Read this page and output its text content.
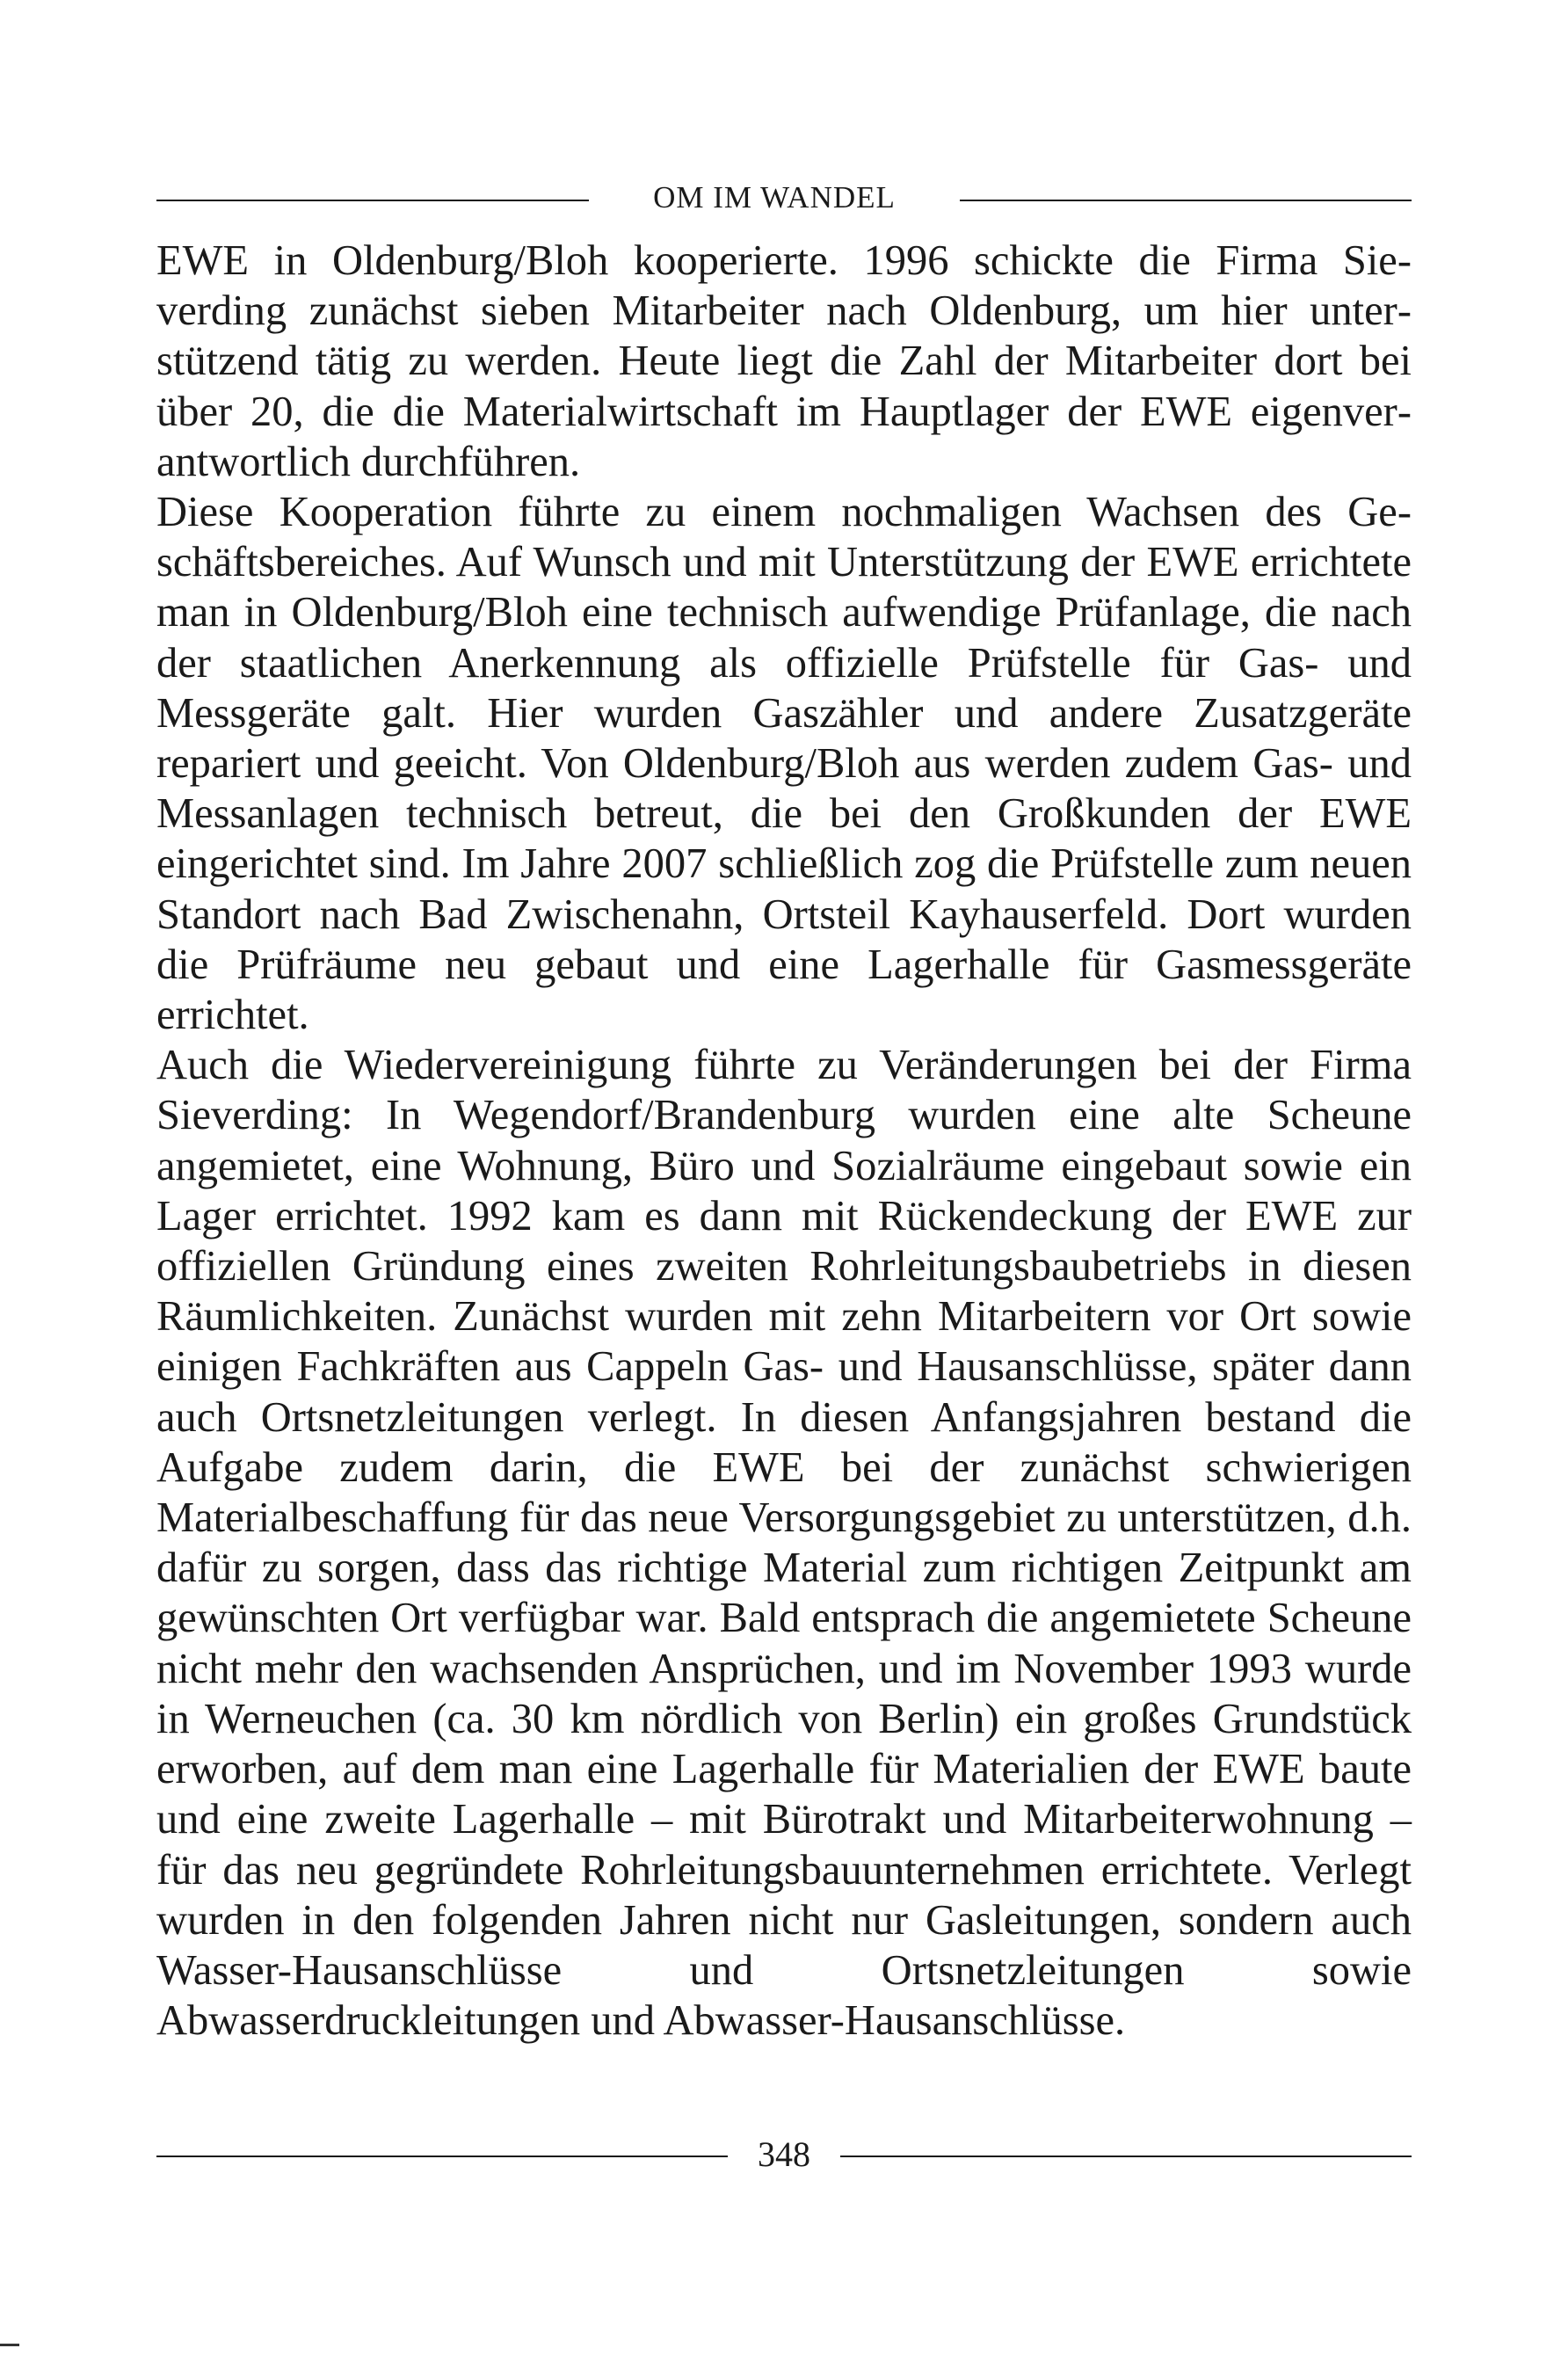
OM IM WANDEL

EWE in Oldenburg/Bloh kooperierte. 1996 schickte die Firma Sieverding zunächst sieben Mitarbeiter nach Oldenburg, um hier unterstützend tätig zu werden. Heute liegt die Zahl der Mitarbeiter dort bei über 20, die die Materialwirtschaft im Hauptlager der EWE eigenverantwortlich durchführen.

Diese Kooperation führte zu einem nochmaligen Wachsen des Geschäftsbereiches. Auf Wunsch und mit Unterstützung der EWE errichtete man in Oldenburg/Bloh eine technisch aufwendige Prüfanlage, die nach der staatlichen Anerkennung als offizielle Prüfstelle für Gas- und Messgeräte galt. Hier wurden Gaszähler und andere Zusatzgeräte repariert und geeicht. Von Oldenburg/Bloh aus werden zudem Gas- und Messanlagen technisch betreut, die bei den Großkunden der EWE eingerichtet sind. Im Jahre 2007 schließlich zog die Prüfstelle zum neuen Standort nach Bad Zwischenahn, Ortsteil Kayhauserfeld. Dort wurden die Prüfräume neu gebaut und eine Lagerhalle für Gasmessgeräte errichtet.

Auch die Wiedervereinigung führte zu Veränderungen bei der Firma Sieverding: In Wegendorf/Brandenburg wurden eine alte Scheune angemietet, eine Wohnung, Büro und Sozialräume eingebaut sowie ein Lager errichtet. 1992 kam es dann mit Rückendeckung der EWE zur offiziellen Gründung eines zweiten Rohrleitungsbaubetriebs in diesen Räumlichkeiten. Zunächst wurden mit zehn Mitarbeitern vor Ort sowie einigen Fachkräften aus Cappeln Gas- und Hausanschlüsse, später dann auch Ortsnetzleitungen verlegt. In diesen Anfangsjahren bestand die Aufgabe zudem darin, die EWE bei der zunächst schwierigen Materialbeschaffung für das neue Versorgungsgebiet zu unterstützen, d.h. dafür zu sorgen, dass das richtige Material zum richtigen Zeitpunkt am gewünschten Ort verfügbar war. Bald entsprach die angemietete Scheune nicht mehr den wachsenden Ansprüchen, und im November 1993 wurde in Werneuchen (ca. 30 km nördlich von Berlin) ein großes Grundstück erworben, auf dem man eine Lagerhalle für Materialien der EWE baute und eine zweite Lagerhalle – mit Bürotrakt und Mitarbeiterwohnung – für das neu gegründete Rohrleitungsbauunternehmen errichtete. Verlegt wurden in den folgenden Jahren nicht nur Gasleitungen, sondern auch Wasser-Hausanschlüsse und Ortsnetzleitungen sowie Abwasserdruckleitungen und Abwasser-Hausanschlüsse.

348
